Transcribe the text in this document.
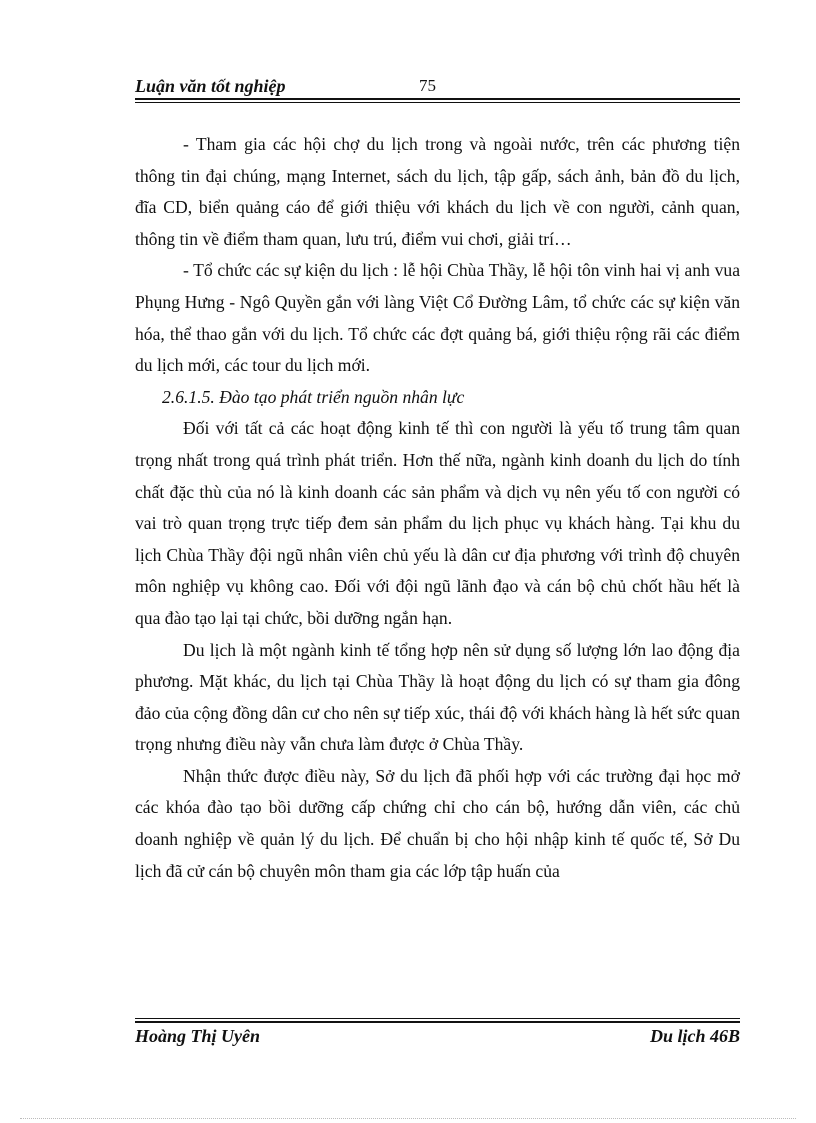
Luận văn tốt nghiệp	75

- Tham gia các hội chợ du lịch trong và ngoài nước, trên các phương tiện thông tin đại chúng, mạng Internet, sách du lịch, tập gấp, sách ảnh, bản đồ du lịch, đĩa CD, biển quảng cáo để giới thiệu với khách du lịch về con người, cảnh quan, thông tin về điểm tham quan, lưu trú, điểm vui chơi, giải trí…

- Tổ chức các sự kiện du lịch : lễ hội Chùa Thầy, lễ hội tôn vinh hai vị anh vua Phụng Hưng - Ngô Quyền gắn với làng Việt Cổ Đường Lâm, tổ chức các sự kiện văn hóa, thể thao gắn với du lịch. Tổ chức các đợt quảng bá, giới thiệu rộng rãi các điểm du lịch mới, các tour du lịch mới.

2.6.1.5. Đào tạo phát triển nguồn nhân lực

Đối với tất cả các hoạt động kinh tế thì con người là yếu tố trung tâm quan trọng nhất trong quá trình phát triển. Hơn thế nữa, ngành kinh doanh du lịch do tính chất đặc thù của nó là kinh doanh các sản phẩm và dịch vụ nên yếu tố con người có vai trò quan trọng trực tiếp đem sản phẩm du lịch phục vụ khách hàng. Tại khu du lịch Chùa Thầy đội ngũ nhân viên chủ yếu là dân cư địa phương với trình độ chuyên môn nghiệp vụ không cao. Đối với đội ngũ lãnh đạo và cán bộ chủ chốt hầu hết là qua đào tạo lại tại chức, bồi dưỡng ngắn hạn.

Du lịch là một ngành kinh tế tổng hợp nên sử dụng số lượng lớn lao động địa phương. Mặt khác, du lịch tại Chùa Thầy là hoạt động du lịch có sự tham gia đông đảo của cộng đồng dân cư cho nên sự tiếp xúc, thái độ với khách hàng là hết sức quan trọng nhưng điều này vẫn chưa làm được ở Chùa Thầy.

Nhận thức được điều này, Sở du lịch đã phối hợp với các trường đại học mở các khóa đào tạo bồi dưỡng cấp chứng chỉ cho cán bộ, hướng dẫn viên, các chủ doanh nghiệp về quản lý du lịch. Để chuẩn bị cho hội nhập kinh tế quốc tế, Sở Du lịch đã cử cán bộ chuyên môn tham gia các lớp tập huấn của

Hoàng Thị Uyên	Du lịch 46B
